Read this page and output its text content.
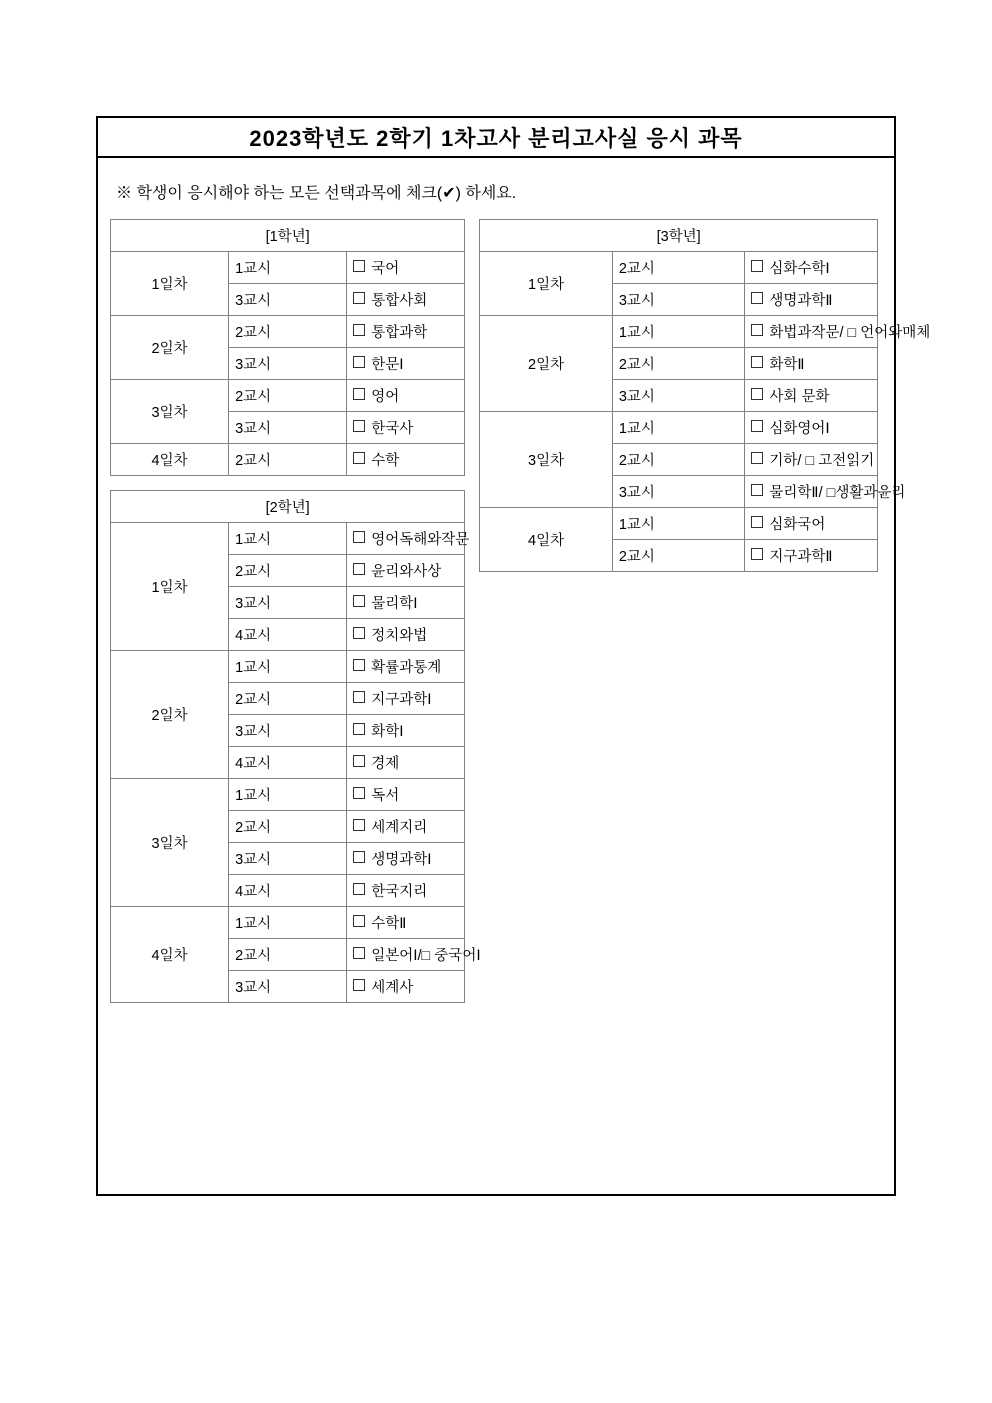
2023학년도 2학기 1차고사 분리고사실 응시 과목
※ 학생이 응시해야 하는 모든 선택과목에 체크(✔) 하세요.
[1학년]		
1일차	1교시	국어
	3교시	통합사회
2일차	2교시	통합과학
	3교시	한문Ⅰ
3일차	2교시	영어
	3교시	한국사
4일차	2교시	수학
[2학년]		
1일차	1교시	영어독해와작문
	2교시	윤리와사상
	3교시	물리학Ⅰ
	4교시	정치와법
2일차	1교시	확률과통계
	2교시	지구과학Ⅰ
	3교시	화학Ⅰ
	4교시	경제
3일차	1교시	독서
	2교시	세계지리
	3교시	생명과학Ⅰ
	4교시	한국지리
4일차	1교시	수학Ⅱ
	2교시	일본어Ⅰ/□ 중국어Ⅰ
	3교시	세계사
[3학년]		
1일차	2교시	심화수학Ⅰ
	3교시	생명과학Ⅱ
2일차	1교시	화법과작문/ □ 언어와매체
	2교시	화학Ⅱ
	3교시	사회 문화
3일차	1교시	심화영어Ⅰ
	2교시	기하/ □ 고전읽기
	3교시	물리학Ⅱ/ □생활과윤리
4일차	1교시	심화국어
	2교시	지구과학Ⅱ
